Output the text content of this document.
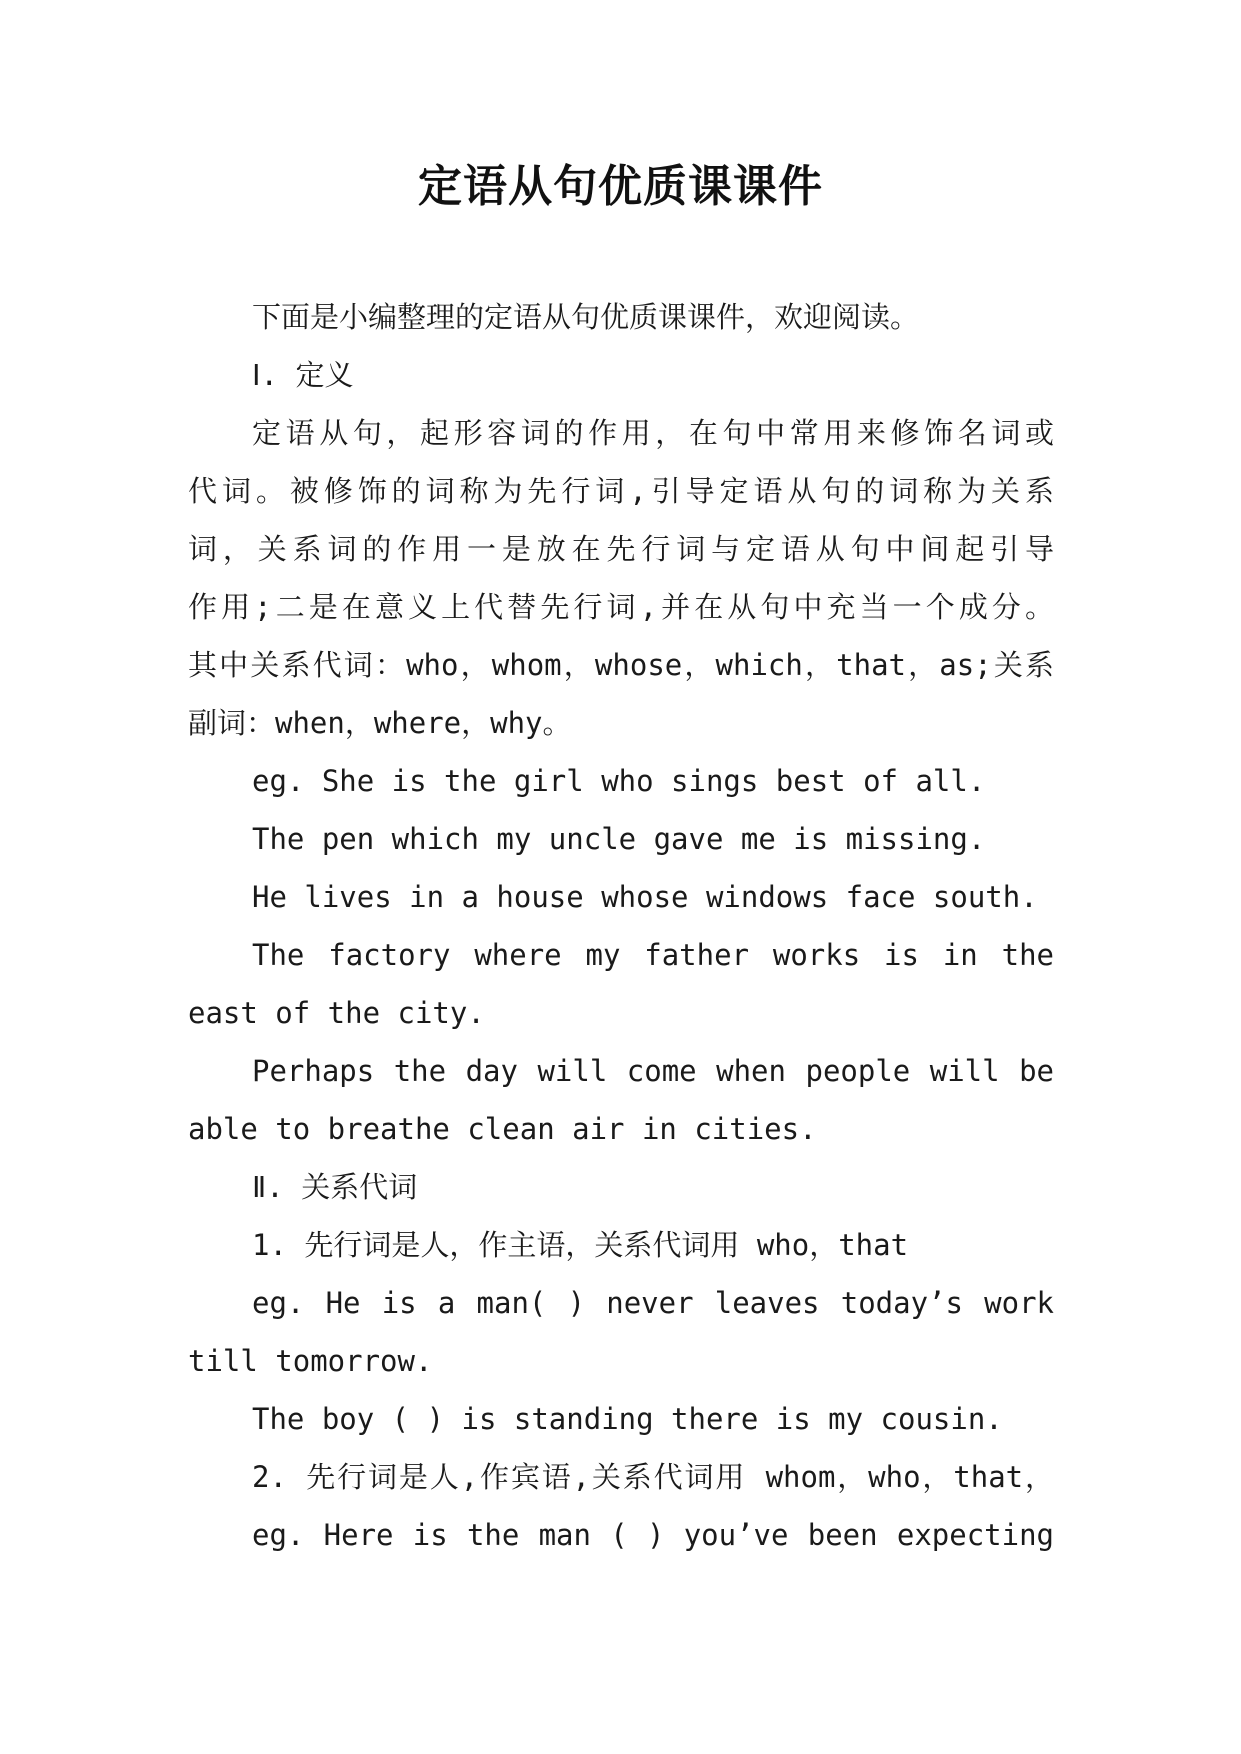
定语从句优质课课件

下面是小编整理的定语从句优质课课件，欢迎阅读。

Ⅰ. 定义

定语从句，起形容词的作用，在句中常用来修饰名词或

代词。被修饰的词称为先行词,引导定语从句的词称为关系

词，关系词的作用一是放在先行词与定语从句中间起引导

作用;二是在意义上代替先行词,并在从句中充当一个成分。

其中关系代词：who，whom，whose，which，that，as;关系

副词：when，where，why。

eg. She is the girl who sings best of all.

The pen which my uncle gave me is missing.

He lives in a house whose windows face south.

The factory where my father works is in the

east of the city.

Perhaps the day will come when people will be

able to breathe clean air in cities.

Ⅱ. 关系代词

1. 先行词是人，作主语，关系代词用 who，that

eg. He is a man( ) never leaves today’s work

till tomorrow.

The boy ( ) is standing there is my cousin.

2. 先行词是人,作宾语,关系代词用 whom，who，that，

eg. Here is the man ( ) you’ve been expecting
